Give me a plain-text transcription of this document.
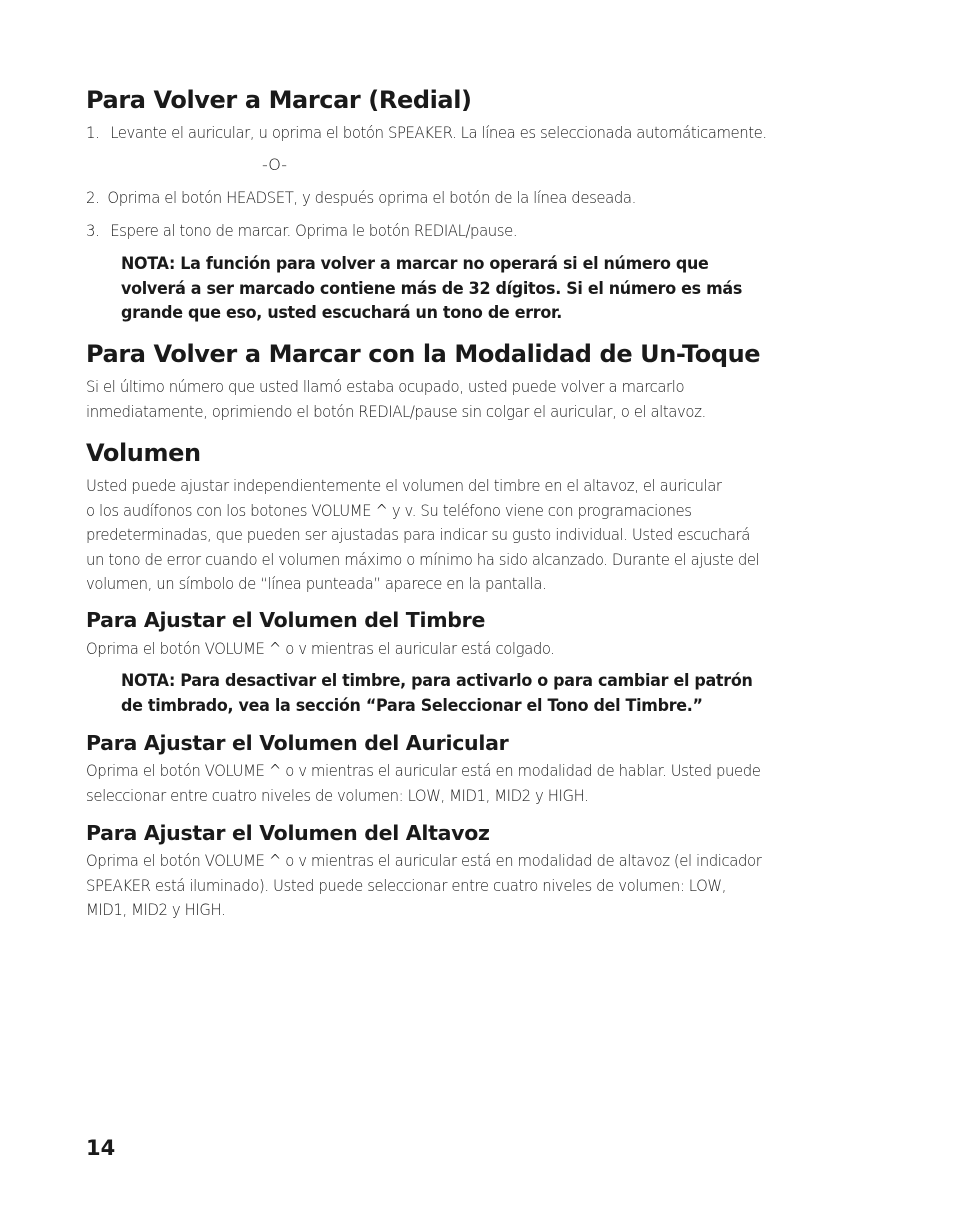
Para Volver a Marcar (Redial)
1. Levante el auricular, u oprima el botón SPEAKER. La línea es seleccionada automáticamente.
-O-
2. Oprima el botón HEADSET, y después oprima el botón de la línea deseada.
3. Espere al tono de marcar. Oprima le botón REDIAL/pause.
NOTA: La función para volver a marcar no operará si el número que
volverá a ser marcado contiene más de 32 dígitos. Si el número es más
grande que eso, usted escuchará un tono de error.
Para Volver a Marcar con la Modalidad de Un-Toque
Si el último número que usted llamó estaba ocupado, usted puede volver a marcarlo
inmediatamente, oprimiendo el botón REDIAL/pause sin colgar el auricular, o el altavoz.
Volumen
Usted puede ajustar independientemente el volumen del timbre en el altavoz, el auricular
o los audífonos con los botones VOLUME ^ y v. Su teléfono viene con programaciones
predeterminadas, que pueden ser ajustadas para indicar su gusto individual. Usted escuchará
un tono de error cuando el volumen máximo o mínimo ha sido alcanzado. Durante el ajuste del
volumen, un símbolo de “línea punteada” aparece en la pantalla.
Para Ajustar el Volumen del Timbre
Oprima el botón VOLUME ^ o v mientras el auricular está colgado.
NOTA: Para desactivar el timbre, para activarlo o para cambiar el patrón
de timbrado, vea la sección “Para Seleccionar el Tono del Timbre.”
Para Ajustar el Volumen del Auricular
Oprima el botón VOLUME ^ o v mientras el auricular está en modalidad de hablar. Usted puede
seleccionar entre cuatro niveles de volumen: LOW, MID1, MID2 y HIGH.
Para Ajustar el Volumen del Altavoz
Oprima el botón VOLUME ^ o v mientras el auricular está en modalidad de altavoz (el indicador
SPEAKER está iluminado). Usted puede seleccionar entre cuatro niveles de volumen: LOW,
MID1, MID2 y HIGH.
14
